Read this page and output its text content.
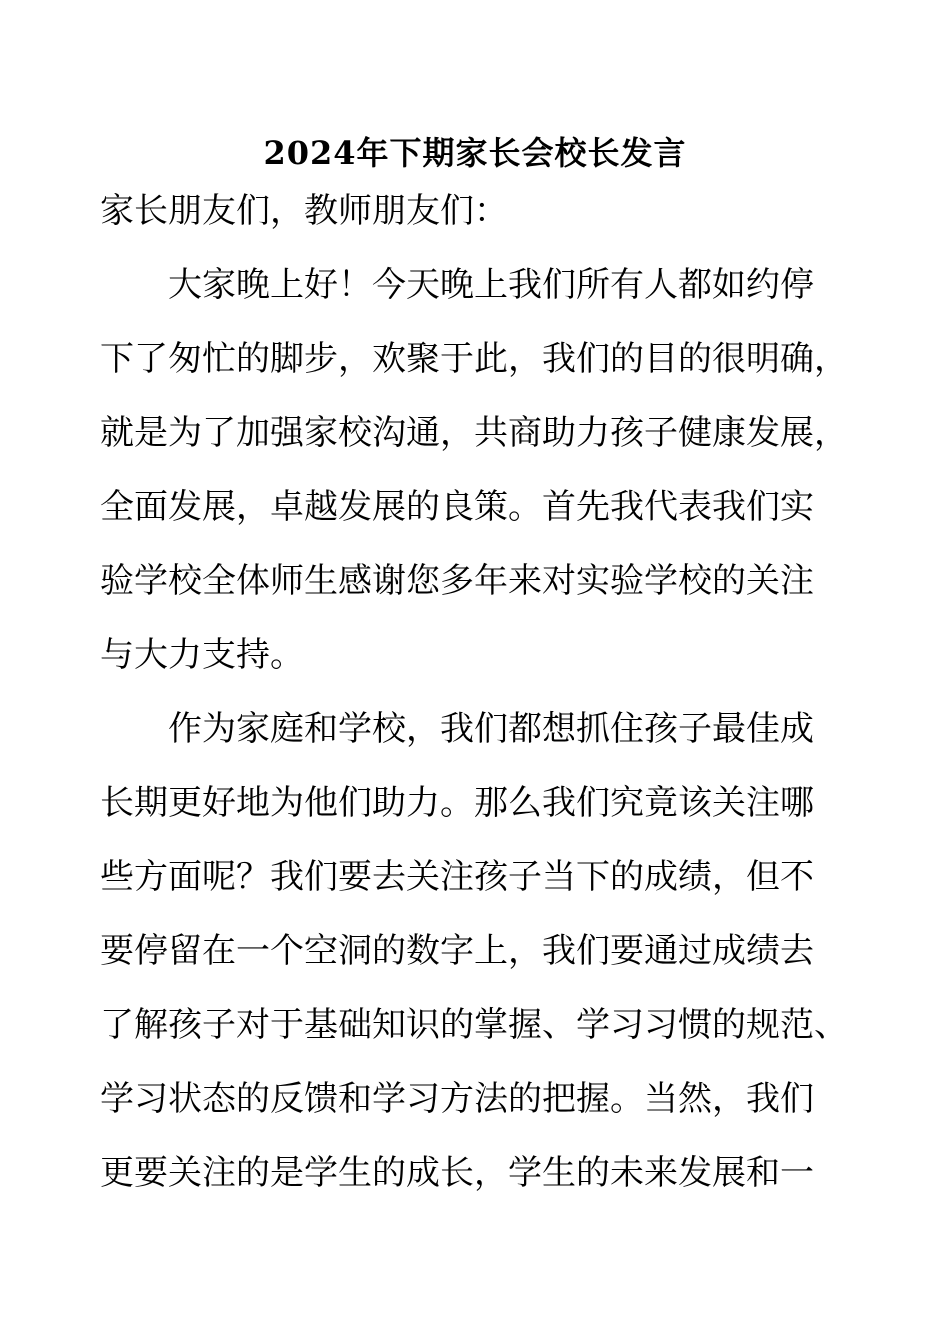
2024年下期家长会校长发言
家长朋友们，教师朋友们：
　　大家晚上好！今天晚上我们所有人都如约停
下了匆忙的脚步，欢聚于此，我们的目的很明确，
就是为了加强家校沟通，共商助力孩子健康发展，
全面发展，卓越发展的良策。首先我代表我们实
验学校全体师生感谢您多年来对实验学校的关注
与大力支持。
　　作为家庭和学校，我们都想抓住孩子最佳成
长期更好地为他们助力。那么我们究竟该关注哪
些方面呢？我们要去关注孩子当下的成绩，但不
要停留在一个空洞的数字上，我们要通过成绩去
了解孩子对于基础知识的掌握、学习习惯的规范、
学习状态的反馈和学习方法的把握。当然，我们
更要关注的是学生的成长，学生的未来发展和一
